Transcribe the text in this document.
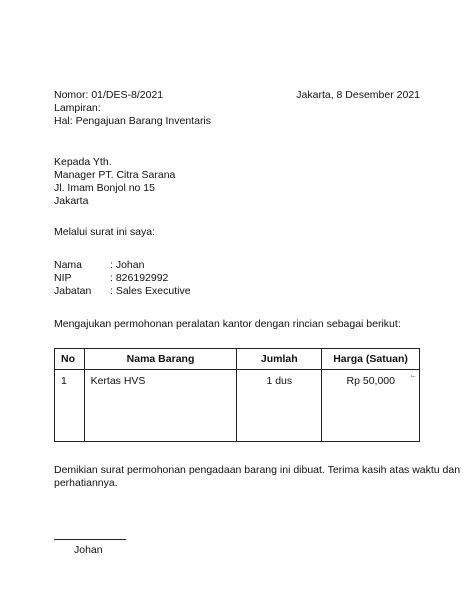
Nomor: 01/DES-8/2021	Jakarta, 8 Desember 2021
Lampiran:
Hal: Pengajuan Barang Inventaris
Kepada Yth.
Manager PT. Citra Sarana
Jl. Imam Bonjol no 15
Jakarta
Melalui surat ini saya:
Nama	: Johan
NIP	: 826192992
Jabatan : Sales Executive
Mengajukan permohonan peralatan kantor dengan rincian sebagai berikut:
No	Nama Barang	Jumlah	Harga (Satuan)
1	Kertas HVS	1 dus	Rp 50,000 ⌙
Demikian surat permohonan pengadaan barang ini dibuat. Terima kasih atas waktu dan
perhatiannya.
Johan
